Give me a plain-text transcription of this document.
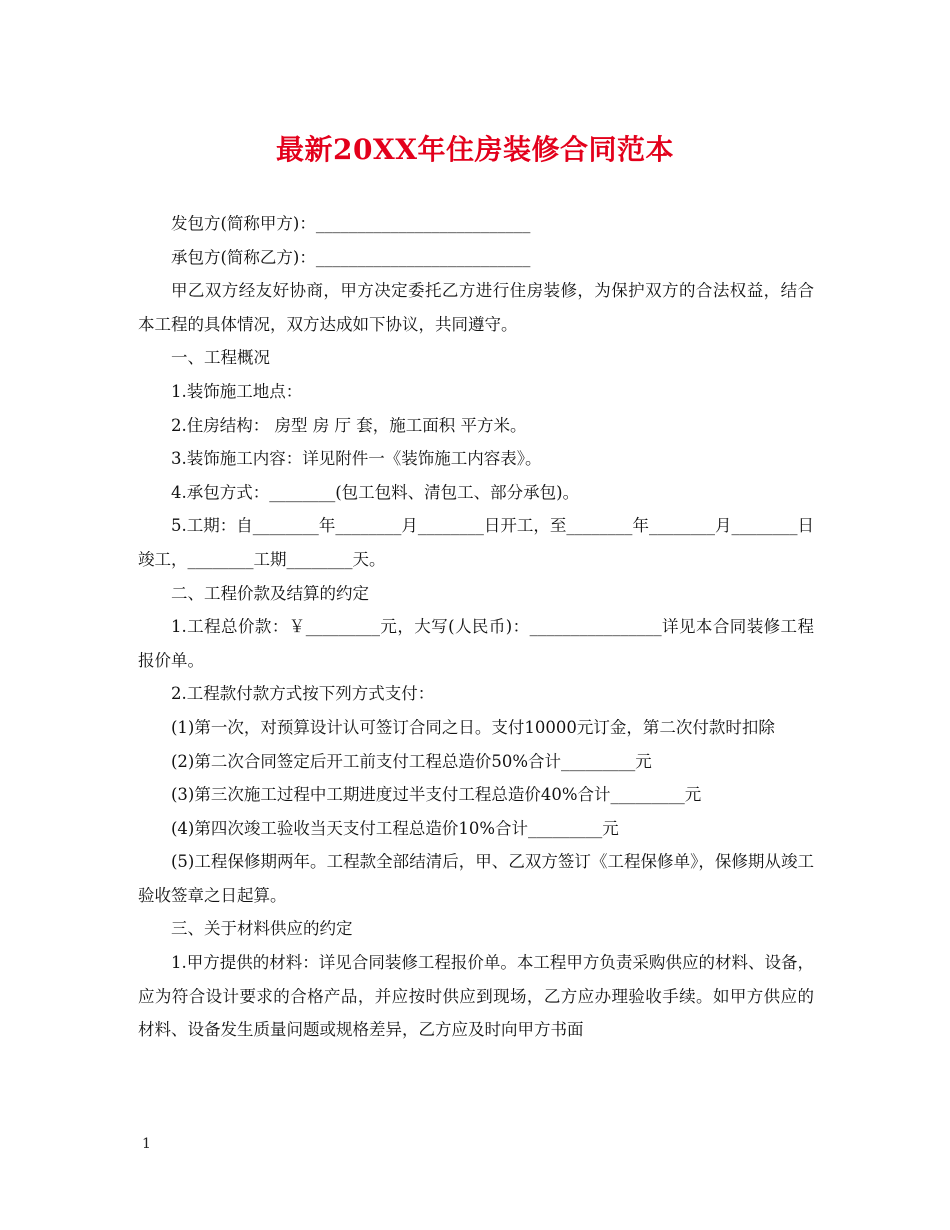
最新20XX年住房装修合同范本

发包方(简称甲方)：__________________________

承包方(简称乙方)：__________________________

甲乙双方经友好协商，甲方决定委托乙方进行住房装修，为保护双方的合法权益，结合本工程的具体情况，双方达成如下协议，共同遵守。

一、工程概况

1.装饰施工地点：

2.住房结构： 房型 房 厅 套，施工面积 平方米。

3.装饰施工内容：详见附件一《装饰施工内容表》。

4.承包方式：________(包工包料、清包工、部分承包)。

5.工期：自________年________月________日开工，至________年________月________日竣工，________工期________天。

二、工程价款及结算的约定

1.工程总价款：￥_________元，大写(人民币)：________________详见本合同装修工程报价单。

2.工程款付款方式按下列方式支付：

(1)第一次，对预算设计认可签订合同之日。支付10000元订金，第二次付款时扣除

(2)第二次合同签定后开工前支付工程总造价50%合计_________元

(3)第三次施工过程中工期进度过半支付工程总造价40%合计_________元

(4)第四次竣工验收当天支付工程总造价10%合计_________元

(5)工程保修期两年。工程款全部结清后，甲、乙双方签订《工程保修单》，保修期从竣工验收签章之日起算。

三、关于材料供应的约定

1.甲方提供的材料：详见合同装修工程报价单。本工程甲方负责采购供应的材料、设备，应为符合设计要求的合格产品，并应按时供应到现场，乙方应办理验收手续。如甲方供应的材料、设备发生质量问题或规格差异，乙方应及时向甲方书面

1
